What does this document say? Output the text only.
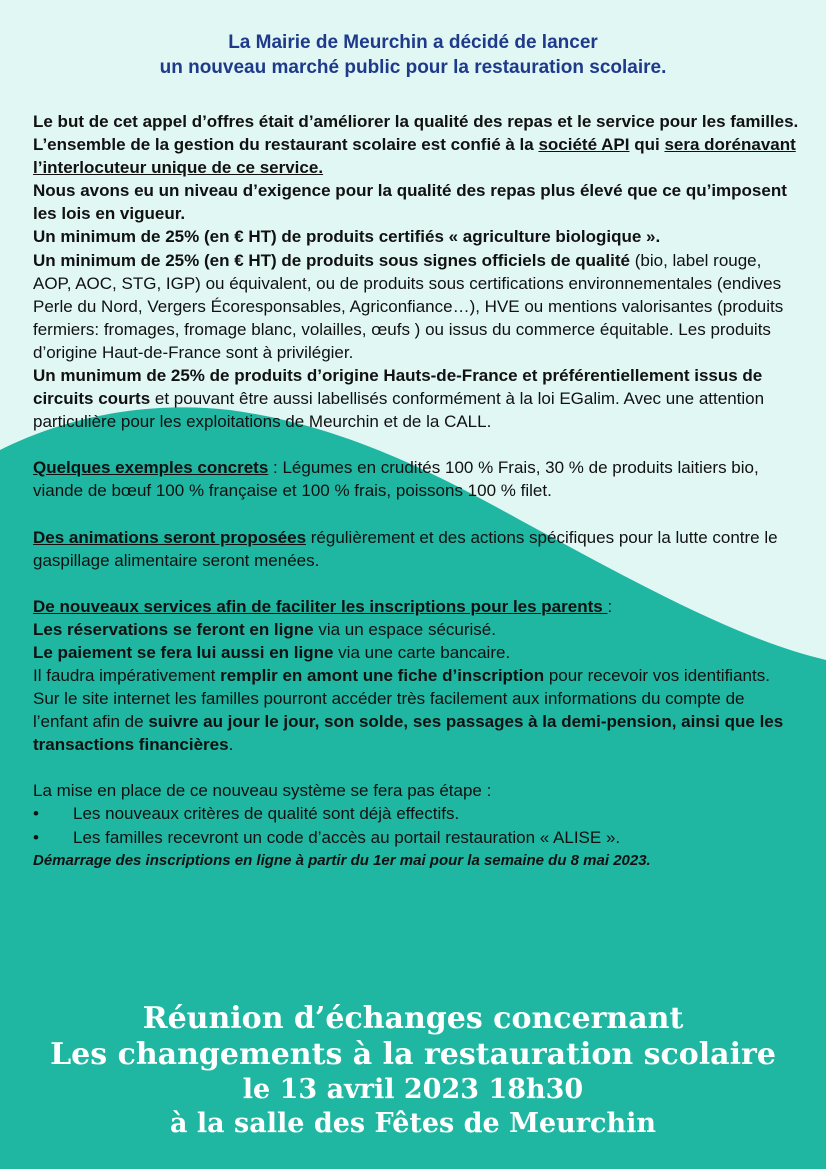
La Mairie de Meurchin a décidé de lancer
un nouveau marché public pour la restauration scolaire.

Le but de cet appel d’offres était d’améliorer la qualité des repas et le service pour les familles.

L’ensemble de la gestion du restaurant scolaire est confié à la société API qui sera dorénavant l’interlocuteur unique de ce service.

Nous avons eu un niveau d’exigence pour la qualité des repas plus élevé que ce qu’imposent les lois en vigueur.

Un minimum de 25% (en € HT) de produits certifiés « agriculture biologique ».

Un minimum de 25% (en € HT) de produits sous signes officiels de qualité (bio, label rouge, AOP, AOC, STG, IGP) ou équivalent, ou de produits sous certifications environnementales (endives Perle du Nord, Vergers Écoresponsables, Agriconfiance…), HVE ou mentions valorisantes (produits fermiers: fromages, fromage blanc, volailles, œufs ) ou issus du commerce équitable. Les produits d’origine Haut-de-France sont à privilégier.

Un munimum de 25% de produits d’origine Hauts-de-France et préférentiellement issus de circuits courts et pouvant être aussi labellisés conformément à la loi EGalim. Avec une attention particulière pour les exploitations de Meurchin et de la CALL.

Quelques exemples concrets : Légumes en crudités 100 % Frais, 30 % de produits laitiers bio, viande de bœuf 100 % française et 100 % frais, poissons 100 % filet.

Des animations seront proposées régulièrement et des actions spécifiques pour la lutte contre le gaspillage alimentaire seront menées.

De nouveaux services afin de faciliter les inscriptions pour les parents :

Les réservations se feront en ligne via un espace sécurisé.

Le paiement se fera lui aussi en ligne via une carte bancaire.

Il faudra impérativement remplir en amont une fiche d’inscription pour recevoir vos identifiants.

Sur le site internet les familles pourront accéder très facilement aux informations du compte de l’enfant afin de suivre au jour le jour, son solde, ses passages à la demi-pension, ainsi que les transactions financières.

La mise en place de ce nouveau système se fera pas étape :

•	Les nouveaux critères de qualité sont déjà effectifs.
•	Les familles recevront un code d’accès au portail restauration « ALISE ».

Démarrage des inscriptions en ligne à partir du 1er mai pour la semaine du 8 mai 2023.

Réunion d’échanges concernant
Les changements à la restauration scolaire
le 13 avril 2023 18h30
à la salle des Fêtes de Meurchin
